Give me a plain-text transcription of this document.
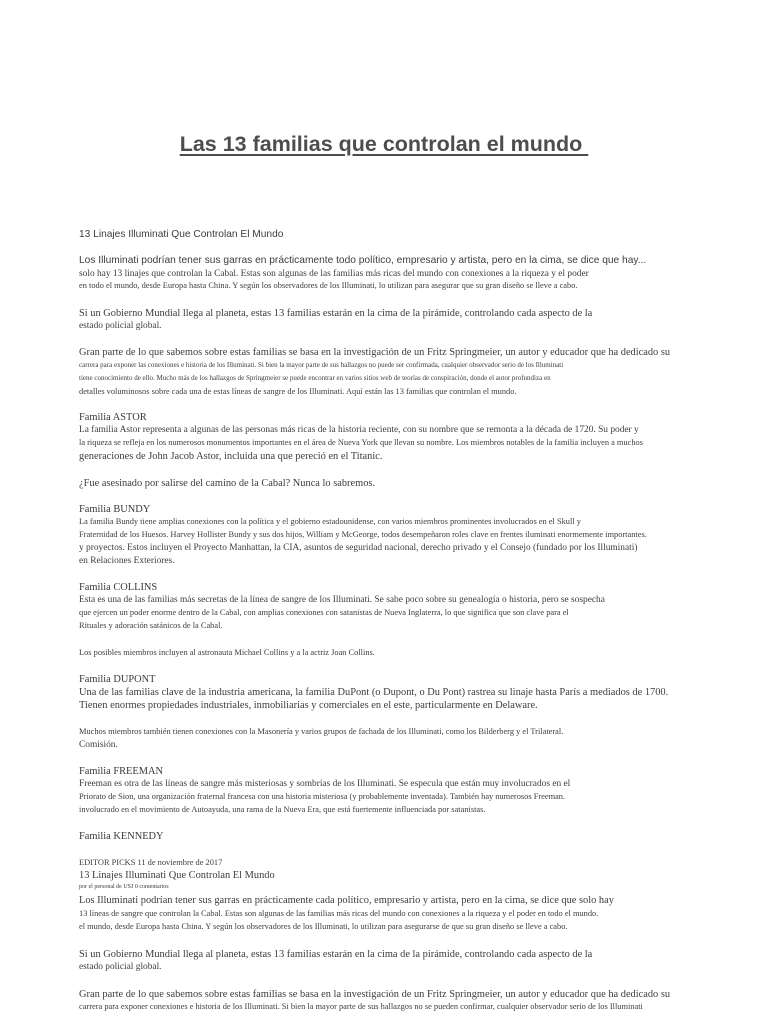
Las 13 familias que controlan el mundo

13 Linajes Illuminati Que Controlan El Mundo

Los Illuminati podrían tener sus garras en prácticamente todo político, empresario y artista, pero en la cima, se dice que hay...

solo hay 13 linajes que controlan la Cabal. Estas son algunas de las familias más ricas del mundo con conexiones a la riqueza y el poder

en todo el mundo, desde Europa hasta China. Y según los observadores de los Illuminati, lo utilizan para asegurar que su gran diseño se lleve a cabo.

Si un Gobierno Mundial llega al planeta, estas 13 familias estarán en la cima de la pirámide, controlando cada aspecto de la

estado policial global.

Gran parte de lo que sabemos sobre estas familias se basa en la investigación de un Fritz Springmeier, un autor y educador que ha dedicado su

carrera para exponer las conexiones e historia de los Illuminati. Si bien la mayor parte de sus hallazgos no puede ser confirmada, cualquier observador serio de los Illuminati

tiene conocimiento de ello. Mucho más de los hallazgos de Springmeier se puede encontrar en varios sitios web de teorías de conspiración, donde el autor profundiza en

detalles voluminosos sobre cada una de estas líneas de sangre de los Illuminati. Aquí están las 13 familias que controlan el mundo.

Familia ASTOR

La familia Astor representa a algunas de las personas más ricas de la historia reciente, con su nombre que se remonta a la década de 1720. Su poder y

la riqueza se refleja en los numerosos monumentos importantes en el área de Nueva York que llevan su nombre. Los miembros notables de la familia incluyen a muchos

generaciones de John Jacob Astor, incluida una que pereció en el Titanic.

¿Fue asesinado por salirse del camino de la Cabal? Nunca lo sabremos.

Familia BUNDY

La familia Bundy tiene amplias conexiones con la política y el gobierno estadounidense, con varios miembros prominentes involucrados en el Skull y

Fraternidad de los Huesos. Harvey Hollister Bundy y sus dos hijos, William y McGeorge, todos desempeñaron roles clave en frentes iluminati enormemente importantes.

y proyectos. Estos incluyen el Proyecto Manhattan, la CIA, asuntos de seguridad nacional, derecho privado y el Consejo (fundado por los Illuminati)

en Relaciones Exteriores.

Familia COLLINS

Esta es una de las familias más secretas de la línea de sangre de los Illuminati. Se sabe poco sobre su genealogía o historia, pero se sospecha

que ejercen un poder enorme dentro de la Cabal, con amplias conexiones con satanistas de Nueva Inglaterra, lo que significa que son clave para el

Rituales y adoración satánicos de la Cabal.

Los posibles miembros incluyen al astronauta Michael Collins y a la actriz Joan Collins.

Familia DUPONT

Una de las familias clave de la industria americana, la familia DuPont (o Dupont, o Du Pont) rastrea su linaje hasta París a mediados de 1700.

Tienen enormes propiedades industriales, inmobiliarias y comerciales en el este, particularmente en Delaware.

Muchos miembros también tienen conexiones con la Masonería y varios grupos de fachada de los Illuminati, como los Bilderberg y el Trilateral.

Comisión.

Familia FREEMAN

Freeman es otra de las líneas de sangre más misteriosas y sombrías de los Illuminati. Se especula que están muy involucrados en el

Priorato de Sion, una organización fraternal francesa con una historia misteriosa (y probablemente inventada). También hay numerosos Freeman.

involucrado en el movimiento de Autoayuda, una rama de la Nueva Era, que está fuertemente influenciada por satanistas.

Familia KENNEDY

EDITOR PICKS 11 de noviembre de 2017

13 Linajes Illuminati Que Controlan El Mundo

por el personal de USJ 0 comentarios

Los Illuminati podrían tener sus garras en prácticamente cada político, empresario y artista, pero en la cima, se dice que solo hay

13 líneas de sangre que controlan la Cabal. Estas son algunas de las familias más ricas del mundo con conexiones a la riqueza y el poder en todo el mundo.

el mundo, desde Europa hasta China. Y según los observadores de los Illuminati, lo utilizan para asegurarse de que su gran diseño se lleve a cabo.

Si un Gobierno Mundial llega al planeta, estas 13 familias estarán en la cima de la pirámide, controlando cada aspecto de la

estado policial global.

Gran parte de lo que sabemos sobre estas familias se basa en la investigación de un Fritz Springmeier, un autor y educador que ha dedicado su

carrera para exponer conexiones e historia de los Illuminati. Si bien la mayor parte de sus hallazgos no se pueden confirmar, cualquier observador serio de los Illuminati
